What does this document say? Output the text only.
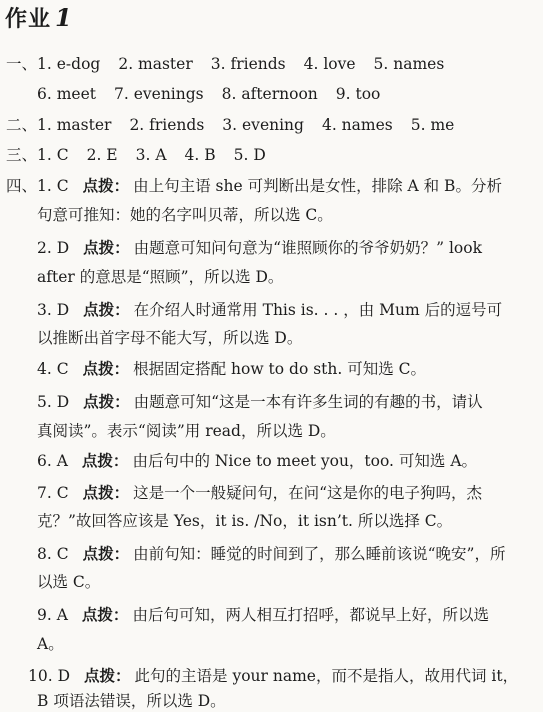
作业 1
一、1. e-dog 2. master 3. friends 4. love 5. names
6. meet 7. evenings 8. afternoon 9. too
二、1. master 2. friends 3. evening 4. names 5. me
三、1. C 2. E 3. A 4. B 5. D
四、1. C 点拨： 由上句主语 she 可判断出是女性，排除 A 和 B。分析
句意可推知：她的名字叫贝蒂，所以选 C。
2. D 点拨： 由题意可知问句意为“谁照顾你的爷爷奶奶？” look
after 的意思是“照顾”，所以选 D。
3. D 点拨： 在介绍人时通常用 This is. . . ，由 Mum 后的逗号可
以推断出首字母不能大写，所以选 D。
4. C 点拨： 根据固定搭配 how to do sth. 可知选 C。
5. D 点拨： 由题意可知“这是一本有许多生词的有趣的书，请认
真阅读”。表示“阅读”用 read，所以选 D。
6. A 点拨： 由后句中的 Nice to meet you，too. 可知选 A。
7. C 点拨： 这是一个一般疑问句，在问“这是你的电子狗吗，杰
克？”故回答应该是 Yes，it is. /No，it isn’t. 所以选择 C。
8. C 点拨： 由前句知：睡觉的时间到了，那么睡前该说“晚安”，所
以选 C。
9. A 点拨： 由后句可知，两人相互打招呼，都说早上好，所以选
A。
10. D 点拨： 此句的主语是 your name，而不是指人，故用代词 it，
B 项语法错误，所以选 D。
